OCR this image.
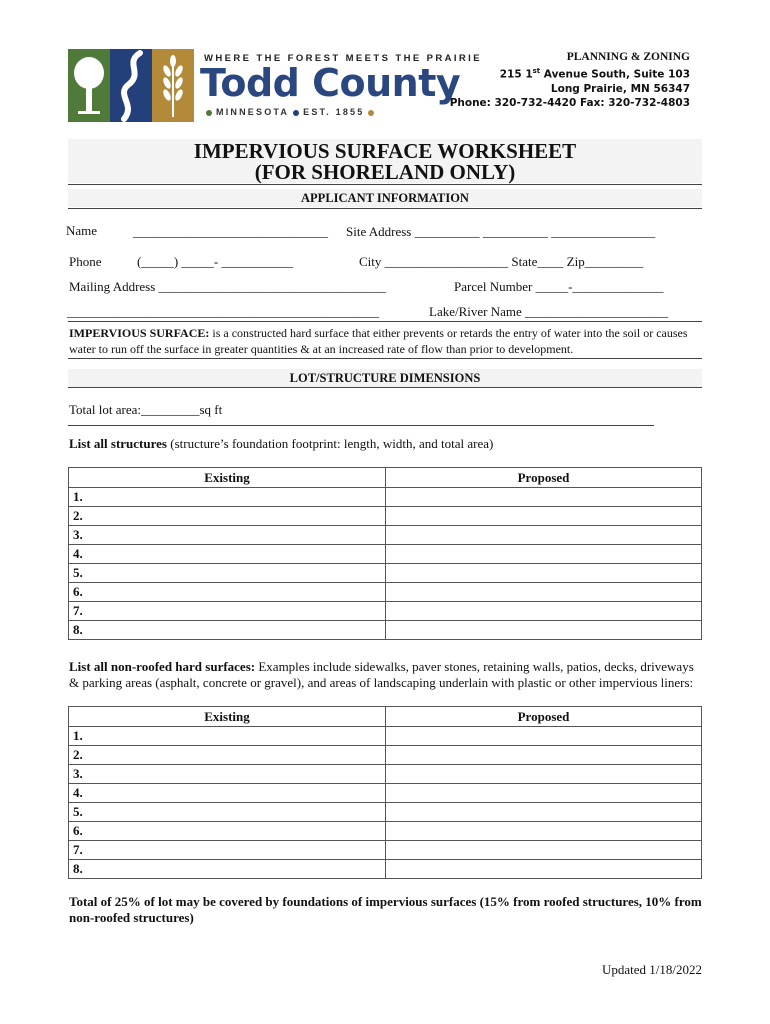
WHERE THE FOREST MEETS THE PRAIRIE
Todd County
MINNESOTA EST. 1855
PLANNING & ZONING
215 1st Avenue South, Suite 103
Long Prairie, MN 56347
Phone: 320-732-4420 Fax: 320-732-4803
IMPERVIOUS SURFACE WORKSHEET
(FOR SHORELAND ONLY)
APPLICANT INFORMATION
Name	______________________________ Site Address __________ __________ ________________
Phone	(_____) _____- ___________	City ___________________ State____ Zip_________
Mailing Address ___________________________________	Parcel Number _____-______________
________________________________________________	Lake/River Name ______________________
IMPERVIOUS SURFACE: is a constructed hard surface that either prevents or retards the entry of water into the soil or causes water to run off the surface in greater quantities & at an increased rate of flow than prior to development.
LOT/STRUCTURE DIMENSIONS
Total lot area:_________sq ft
List all structures (structure’s foundation footprint: length, width, and total area)
Existing	Proposed
1.	
2.	
3.	
4.	
5.	
6.	
7.	
8.	
List all non-roofed hard surfaces: Examples include sidewalks, paver stones, retaining walls, patios, decks, driveways & parking areas (asphalt, concrete or gravel), and areas of landscaping underlain with plastic or other impervious liners:
Existing	Proposed
1.	
2.	
3.	
4.	
5.	
6.	
7.	
8.	
Total of 25% of lot may be covered by foundations of impervious surfaces (15% from roofed structures, 10% from non-roofed structures)
Updated 1/18/2022
